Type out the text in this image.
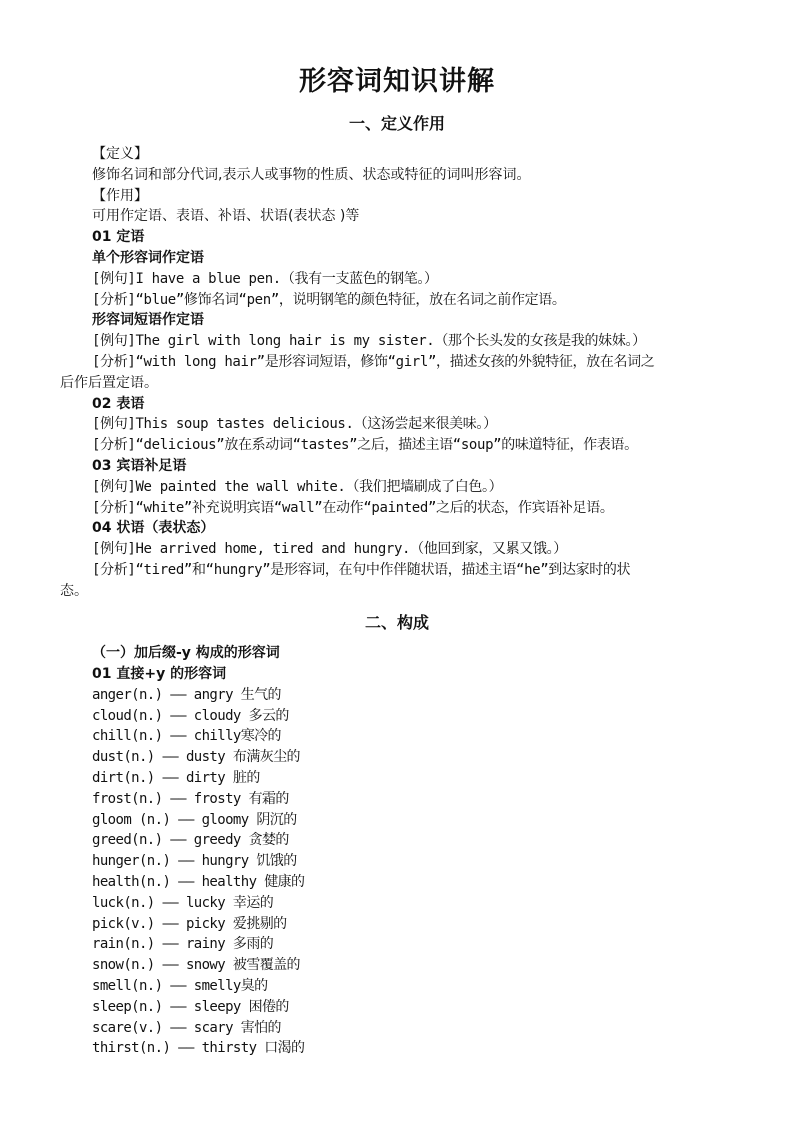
形容词知识讲解
一、定义作用
【定义】
修饰名词和部分代词,表示人或事物的性质、状态或特征的词叫形容词。
【作用】
可用作定语、表语、补语、状语(表状态 )等
01 定语
单个形容词作定语
[例句]I have a blue pen.（我有一支蓝色的钢笔。）
[分析]“blue”修饰名词“pen”，说明钢笔的颜色特征，放在名词之前作定语。
形容词短语作定语
[例句]The girl with long hair is my sister.（那个长头发的女孩是我的妹妹。）
[分析]“with long hair”是形容词短语，修饰“girl”，描述女孩的外貌特征，放在名词之
后作后置定语。
02 表语
[例句]This soup tastes delicious.（这汤尝起来很美味。）
[分析]“delicious”放在系动词“tastes”之后，描述主语“soup”的味道特征，作表语。
03 宾语补足语
[例句]We painted the wall white.（我们把墙刷成了白色。）
[分析]“white”补充说明宾语“wall”在动作“painted”之后的状态，作宾语补足语。
04 状语（表状态）
[例句]He arrived home, tired and hungry.（他回到家，又累又饿。）
[分析]“tired”和“hungry”是形容词，在句中作伴随状语，描述主语“he”到达家时的状
态。
二、构成
（一）加后缀-y 构成的形容词
01 直接+y 的形容词
anger(n.) —— angry 生气的
cloud(n.) —— cloudy 多云的
chill(n.) —— chilly寒冷的
dust(n.) —— dusty 布满灰尘的
dirt(n.) —— dirty 脏的
frost(n.) —— frosty 有霜的
gloom (n.) —— gloomy 阴沉的
greed(n.) —— greedy 贪婪的
hunger(n.) —— hungry 饥饿的
health(n.) —— healthy 健康的
luck(n.) —— lucky 幸运的
pick(v.) —— picky 爱挑剔的
rain(n.) —— rainy 多雨的
snow(n.) —— snowy 被雪覆盖的
smell(n.) —— smelly臭的
sleep(n.) —— sleepy 困倦的
scare(v.) —— scary 害怕的
thirst(n.) —— thirsty 口渴的
